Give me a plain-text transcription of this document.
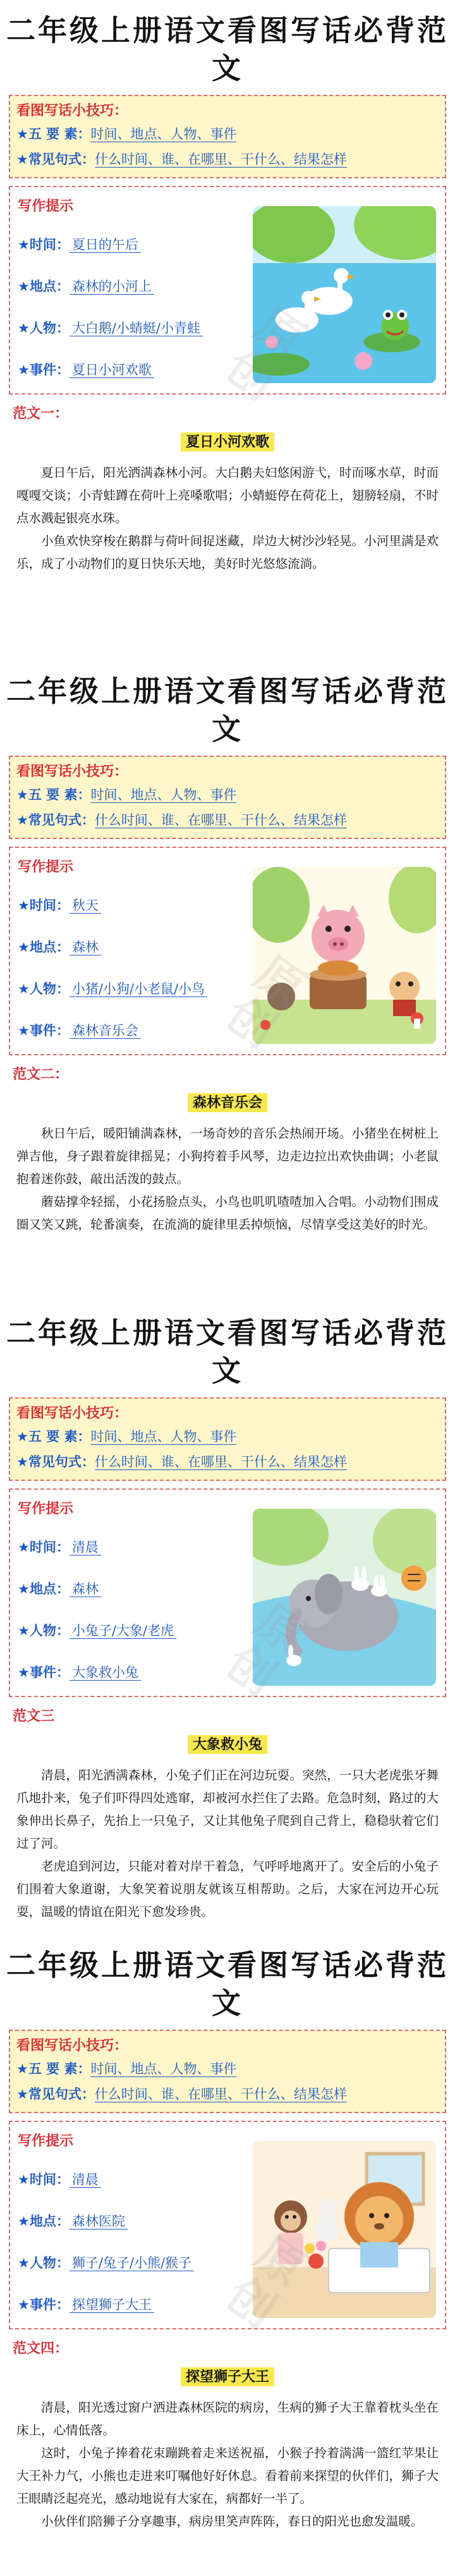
二年级上册语文看图写话必背范文
看图写话小技巧：
★五 要 素：时间、地点、人物、事件
★常见句式：什么时间、谁、在哪里、干什么、结果怎样
写作提示
★时间： 夏日的午后
★地点： 森林的小河上
★人物： 大白鹅/小蜻蜓/小青蛙
★事件： 夏日小河欢歌
范文一：
夏日小河欢歌

夏日午后，阳光洒满森林小河。大白鹅夫妇悠闲游弋，时而啄水草，时而嘎嘎交谈；小青蛙蹲在荷叶上亮嗓歌唱；小蜻蜓停在荷花上，翅膀轻扇，不时点水溅起银亮水珠。

小鱼欢快穿梭在鹅群与荷叶间捉迷藏，岸边大树沙沙轻晃。小河里满是欢乐，成了小动物们的夏日快乐天地，美好时光悠悠流淌。

原创
二年级上册语文看图写话必背范文
看图写话小技巧：
★五 要 素：时间、地点、人物、事件
★常见句式：什么时间、谁、在哪里、干什么、结果怎样
写作提示
★时间： 秋天
★地点： 森林
★人物： 小猪/小狗/小老鼠/小鸟
★事件： 森林音乐会
范文二：
森林音乐会

秋日午后，暖阳铺满森林，一场奇妙的音乐会热闹开场。小猪坐在树桩上弹吉他，身子跟着旋律摇晃；小狗挎着手风琴，边走边拉出欢快曲调；小老鼠抱着迷你鼓，敲出活泼的鼓点。

蘑菇撑伞轻摇，小花扬脸点头，小鸟也叽叽喳喳加入合唱。小动物们围成圈又笑又跳，轮番演奏，在流淌的旋律里丢掉烦恼，尽情享受这美好的时光。

原创
二年级上册语文看图写话必背范文
看图写话小技巧：
★五 要 素：时间、地点、人物、事件
★常见句式：什么时间、谁、在哪里、干什么、结果怎样
写作提示
★时间： 清晨
★地点： 森林
★人物： 小兔子/大象/老虎
★事件： 大象救小兔
范文三
大象救小兔

清晨，阳光洒满森林，小兔子们正在河边玩耍。突然，一只大老虎张牙舞爪地扑来，兔子们吓得四处逃窜，却被河水拦住了去路。危急时刻，路过的大象伸出长鼻子，先抬上一只兔子，又让其他兔子爬到自己背上，稳稳驮着它们过了河。

老虎追到河边，只能对着对岸干着急，气呼呼地离开了。安全后的小兔子们围着大象道谢，大象笑着说朋友就该互相帮助。之后，大家在河边开心玩耍，温暖的情谊在阳光下愈发珍贵。

原创
二年级上册语文看图写话必背范文
看图写话小技巧：
★五 要 素：时间、地点、人物、事件
★常见句式：什么时间、谁、在哪里、干什么、结果怎样
写作提示
★时间： 清晨
★地点： 森林医院
★人物： 狮子/兔子/小熊/猴子
★事件： 探望狮子大王
范文四：
探望狮子大王

清晨，阳光透过窗户洒进森林医院的病房，生病的狮子大王靠着枕头坐在床上，心情低落。

这时，小兔子捧着花束蹦跳着走来送祝福，小猴子拎着满满一篮红苹果让大王补力气，小熊也走进来叮嘱他好好休息。看着前来探望的伙伴们，狮子大王眼睛泛起亮光，感动地说有大家在，病都好一半了。

小伙伴们陪狮子分享趣事，病房里笑声阵阵，春日的阳光也愈发温暖。

原创
